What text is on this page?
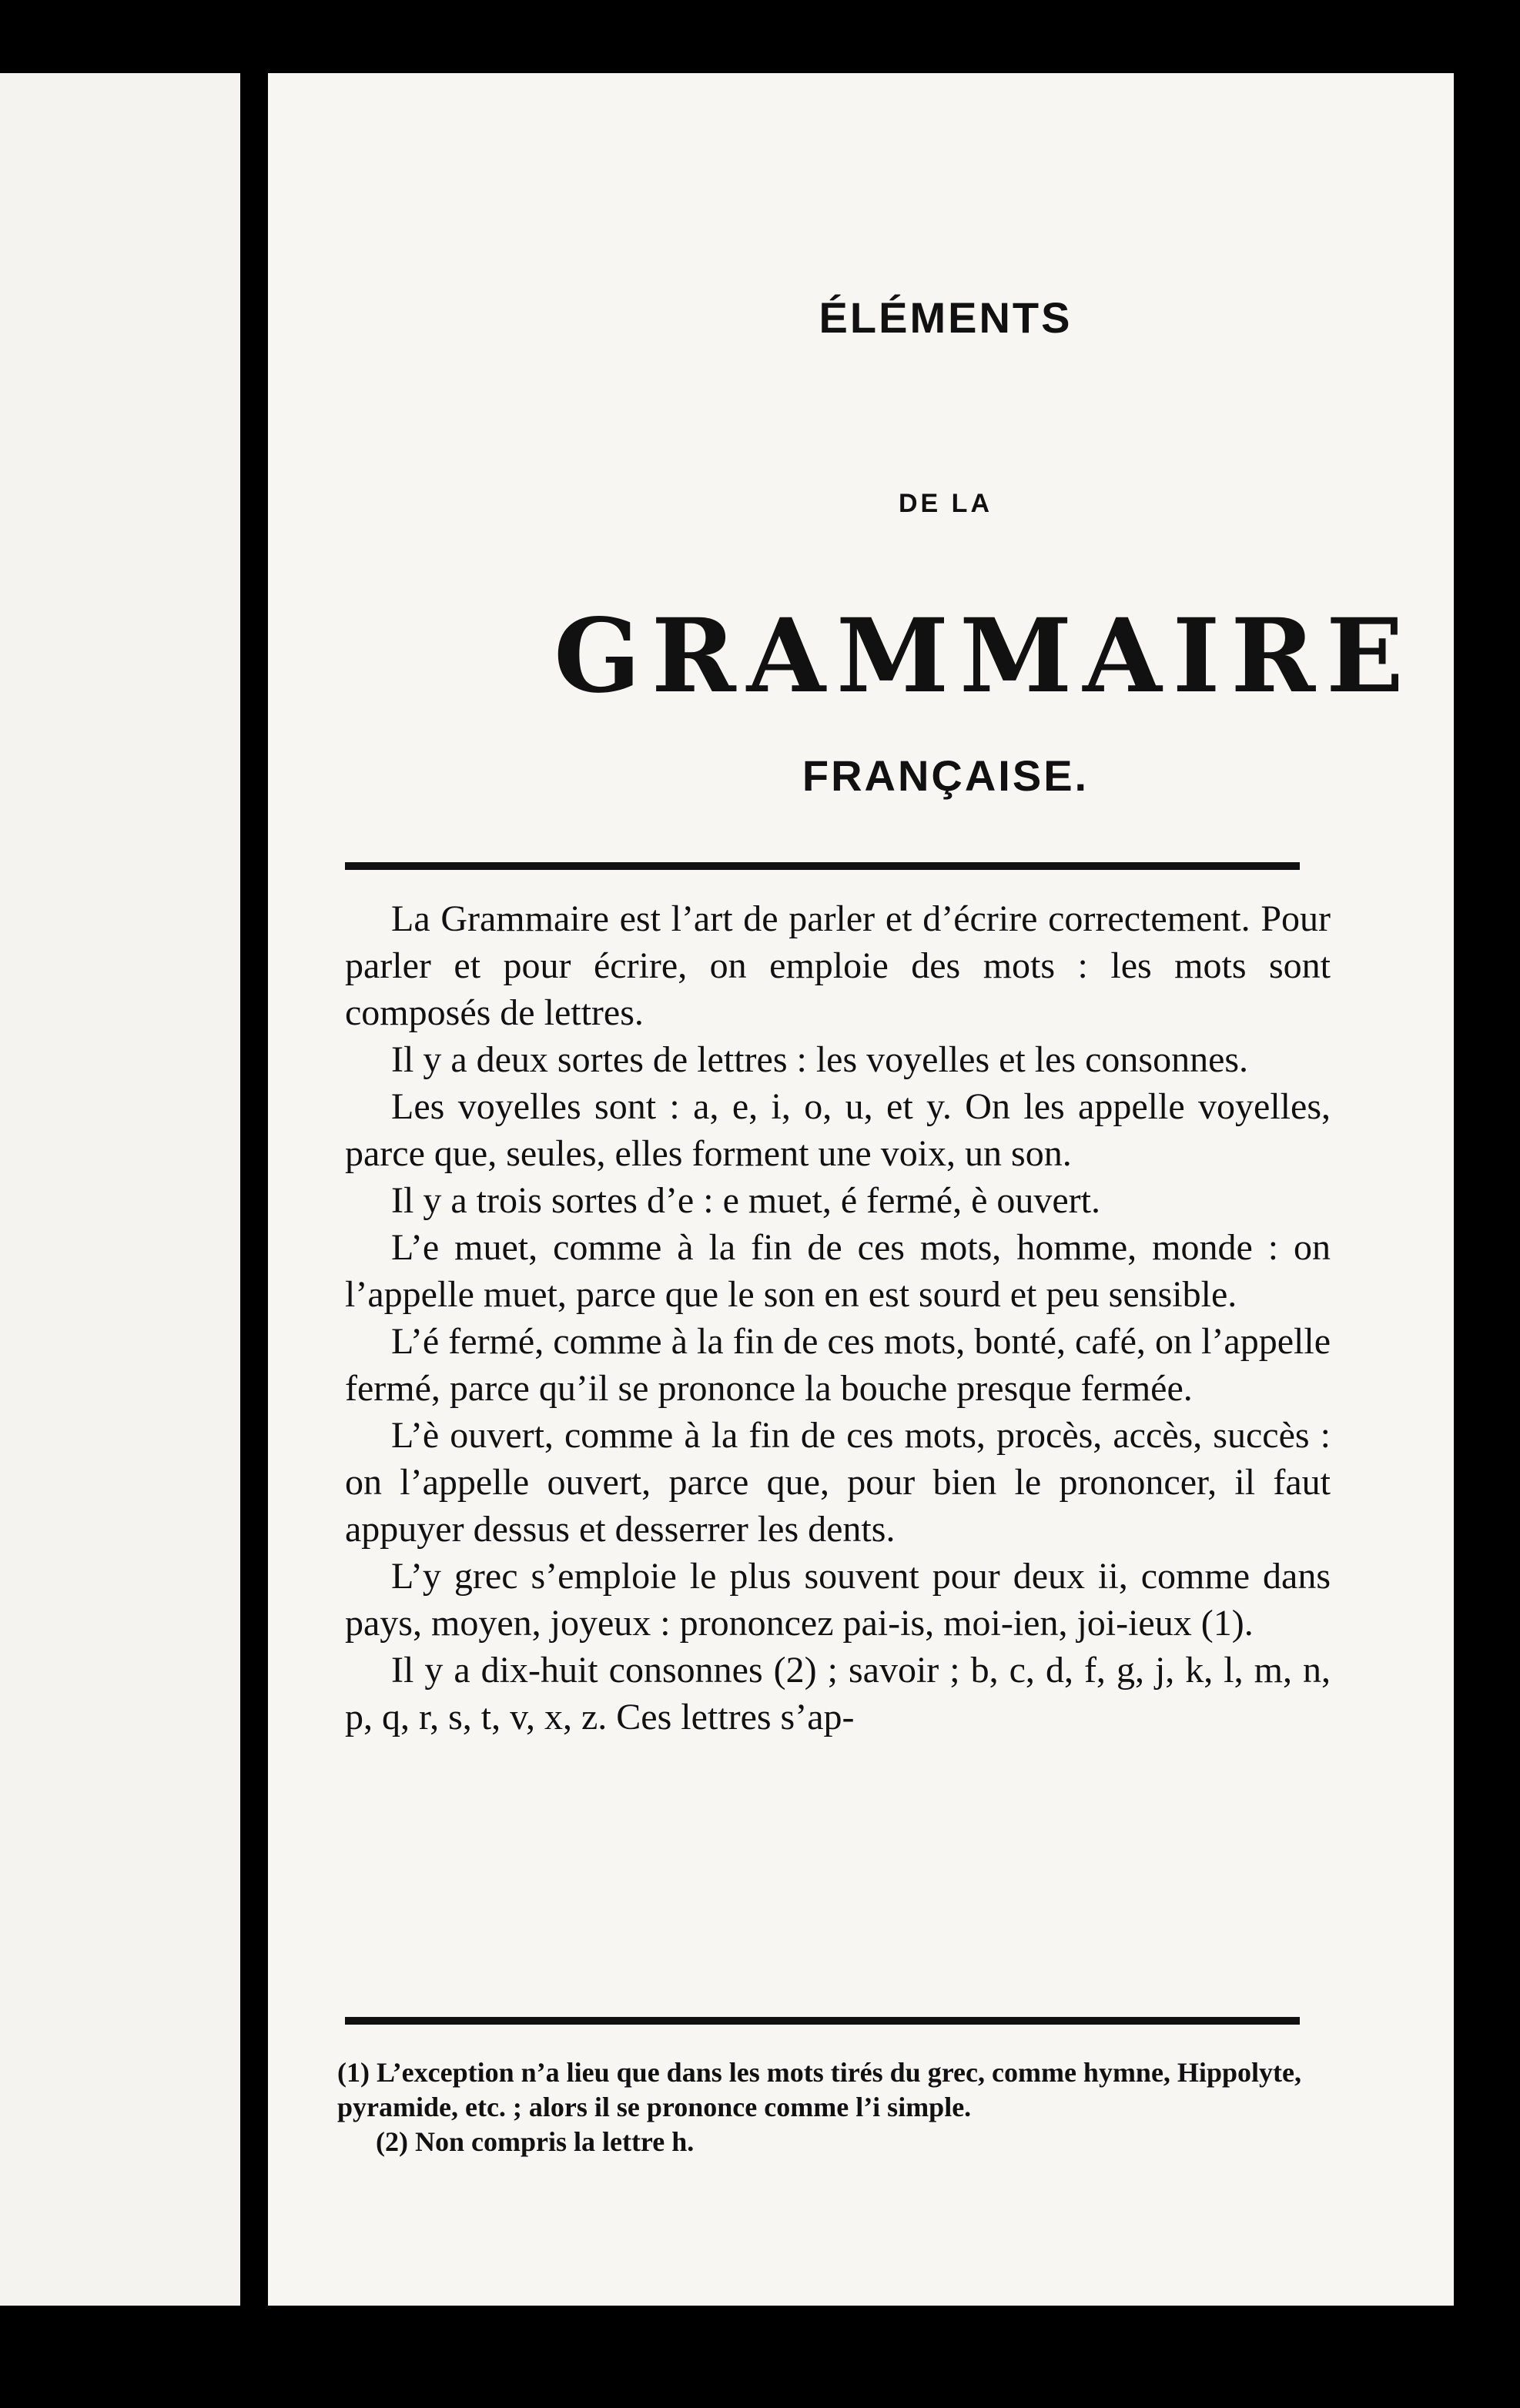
ÉLÉMENTS
DE LA
GRAMMAIRE
FRANÇAISE.

La Grammaire est l’art de parler et d’écrire correctement. Pour parler et pour écrire, on emploie des mots : les mots sont composés de lettres.

Il y a deux sortes de lettres : les voyelles et les consonnes.

Les voyelles sont : a, e, i, o, u, et y. On les appelle voyelles, parce que, seules, elles forment une voix, un son.

Il y a trois sortes d’e : e muet, é fermé, è ouvert.

L’e muet, comme à la fin de ces mots, homme, monde : on l’appelle muet, parce que le son en est sourd et peu sensible.

L’é fermé, comme à la fin de ces mots, bonté, café, on l’appelle fermé, parce qu’il se prononce la bouche presque fermée.

L’è ouvert, comme à la fin de ces mots, procès, accès, succès : on l’appelle ouvert, parce que, pour bien le prononcer, il faut appuyer dessus et desserrer les dents.

L’y grec s’emploie le plus souvent pour deux ii, comme dans pays, moyen, joyeux : prononcez pai-is, moi-ien, joi-ieux (1).

Il y a dix-huit consonnes (2) ; savoir ; b, c, d, f, g, j, k, l, m, n, p, q, r, s, t, v, x, z. Ces lettres s’ap-

(1) L’exception n’a lieu que dans les mots tirés du grec, comme hymne, Hippolyte, pyramide, etc. ; alors il se prononce comme l’i simple.

(2) Non compris la lettre h.
